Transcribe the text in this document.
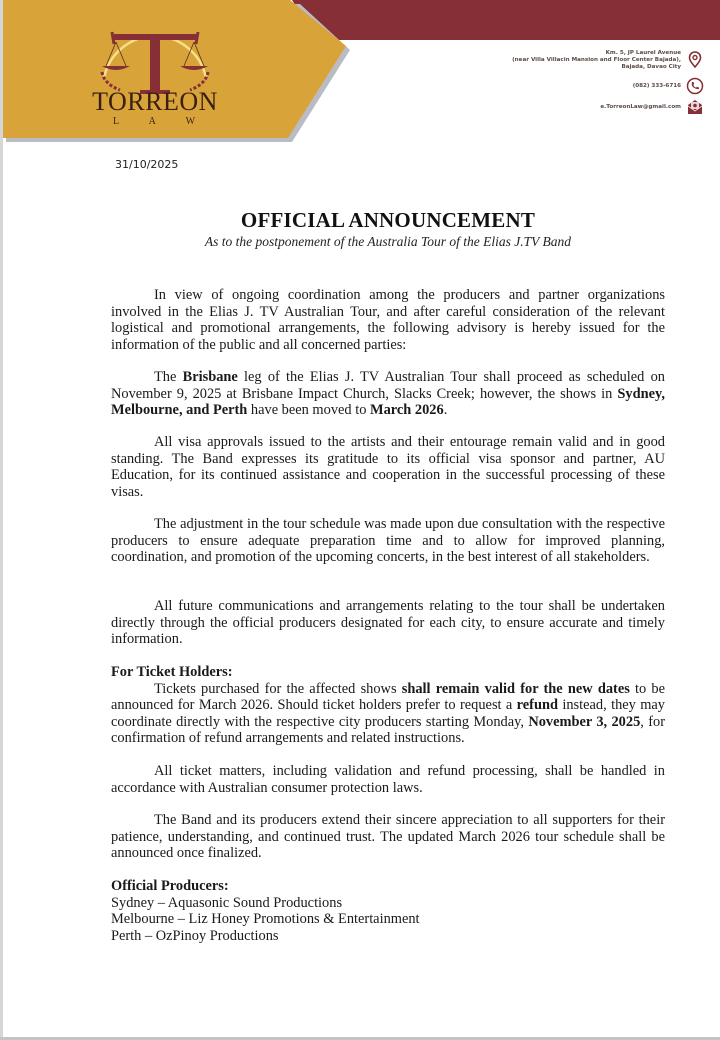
TORREON
L A W
Km. 5, JP Laurel Avenue
(near Villa Villacin Mansion and Floor Center Bajada),
Bajada, Davao City
(082) 333-6716
e.TorreonLaw@gmail.com
31/10/2025
OFFICIAL ANNOUNCEMENT
As to the postponement of the Australia Tour of the Elias J.TV Band

In view of ongoing coordination among the producers and partner organizations involved in the Elias J. TV Australian Tour, and after careful consideration of the relevant logistical and promotional arrangements, the following advisory is hereby issued for the information of the public and all concerned parties:

The Brisbane leg of the Elias J. TV Australian Tour shall proceed as scheduled on November 9, 2025 at Brisbane Impact Church, Slacks Creek; however, the shows in Sydney, Melbourne, and Perth have been moved to March 2026.

All visa approvals issued to the artists and their entourage remain valid and in good standing. The Band expresses its gratitude to its official visa sponsor and partner, AU Education, for its continued assistance and cooperation in the successful processing of these visas.

The adjustment in the tour schedule was made upon due consultation with the respective producers to ensure adequate preparation time and to allow for improved planning, coordination, and promotion of the upcoming concerts, in the best interest of all stakeholders.

All future communications and arrangements relating to the tour shall be undertaken directly through the official producers designated for each city, to ensure accurate and timely information.

For Ticket Holders:

Tickets purchased for the affected shows shall remain valid for the new dates to be announced for March 2026. Should ticket holders prefer to request a refund instead, they may coordinate directly with the respective city producers starting Monday, November 3, 2025, for confirmation of refund arrangements and related instructions.

All ticket matters, including validation and refund processing, shall be handled in accordance with Australian consumer protection laws.

The Band and its producers extend their sincere appreciation to all supporters for their patience, understanding, and continued trust. The updated March 2026 tour schedule shall be announced once finalized.

Official Producers:

Sydney – Aquasonic Sound Productions

Melbourne – Liz Honey Promotions & Entertainment

Perth – OzPinoy Productions
